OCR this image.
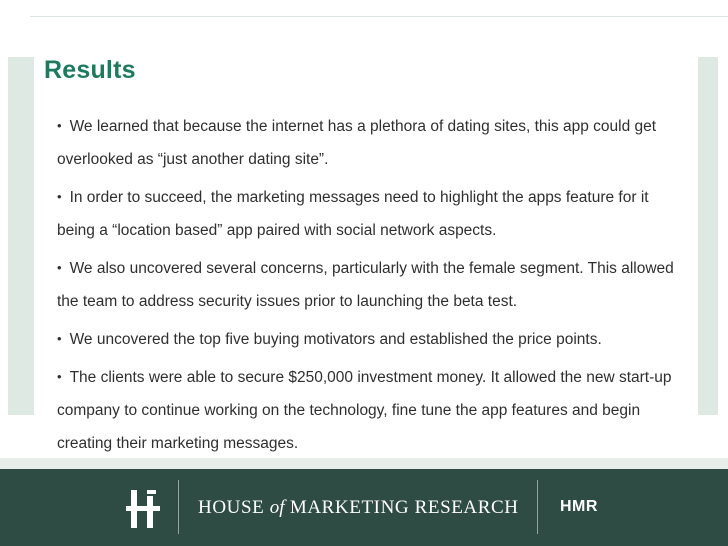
Results
• We learned that because the internet has a plethora of dating sites, this app could get overlooked as “just another dating site”.
• In order to succeed, the marketing messages need to highlight the apps feature for it being a “location based” app paired with social network aspects.
• We also uncovered several concerns, particularly with the female segment. This allowed the team to address security issues prior to launching the beta test.
• We uncovered the top five buying motivators and established the price points.
• The clients were able to secure $250,000 investment money. It allowed the new start-up company to continue working on the technology, fine tune the app features and begin creating their marketing messages.
HOUSE of MARKETING RESEARCH	HMR
